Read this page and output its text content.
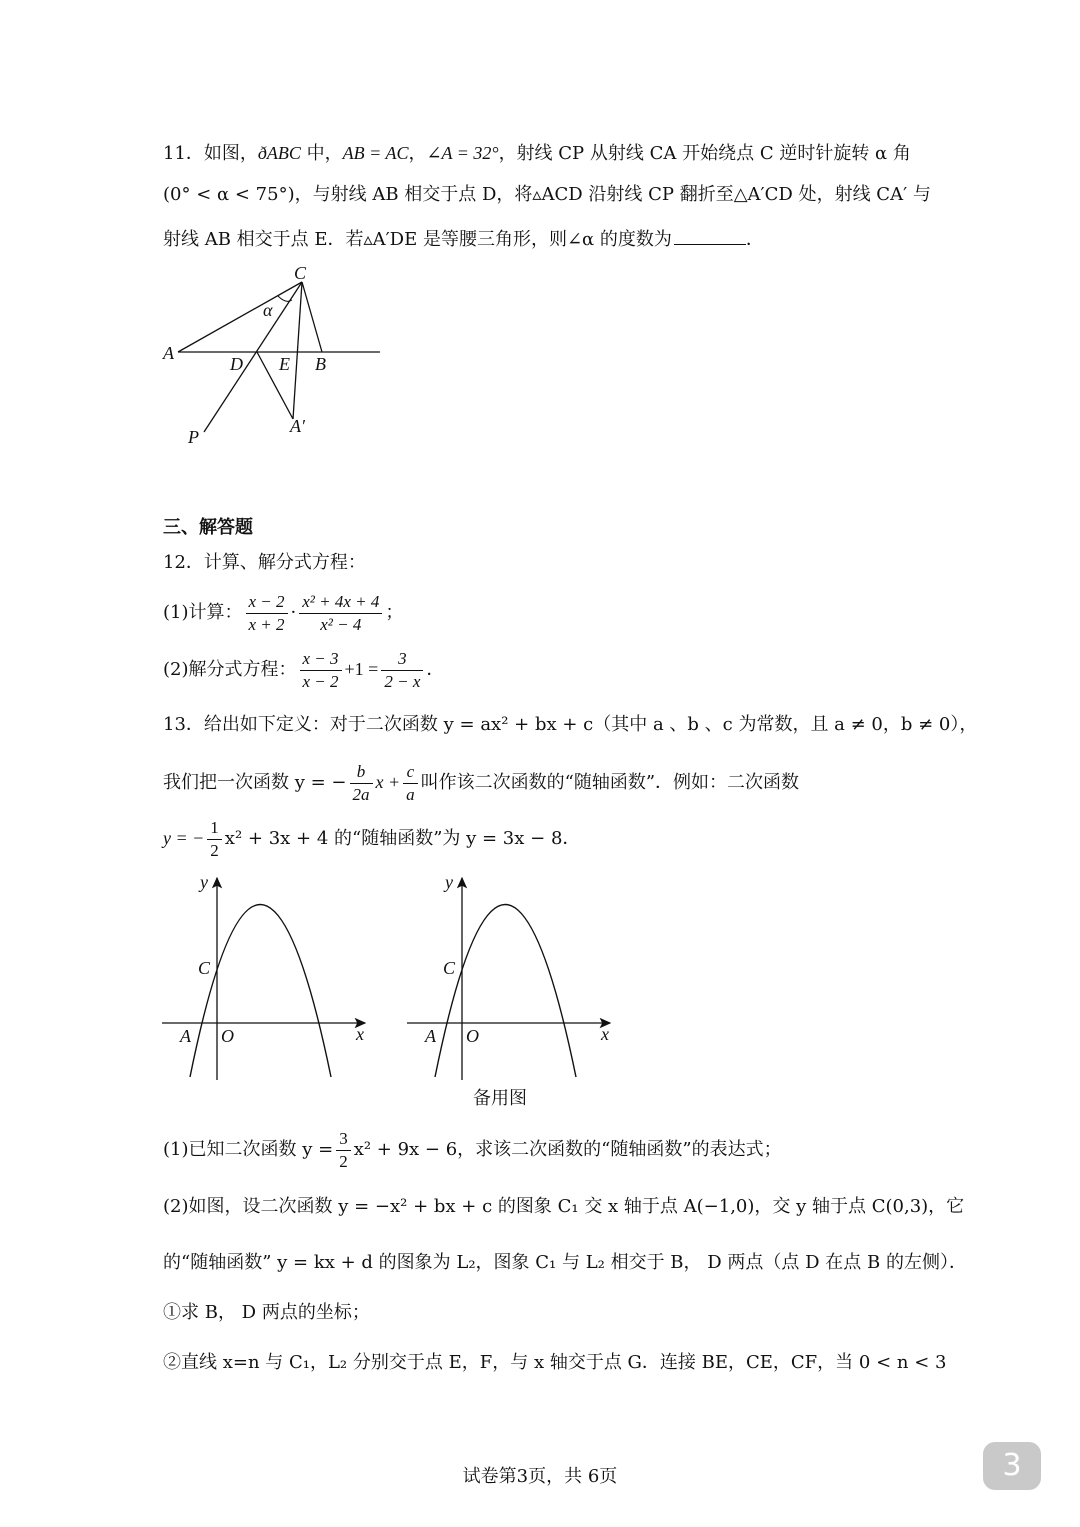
11．如图，ðABC 中，AB = AC，∠A = 32°，射线 CP 从射线 CA 开始绕点 C 逆时针旋转 α 角
(0° < α < 75°)，与射线 AB 相交于点 D，将▵ACD 沿射线 CP 翻折至△A′CD 处，射线 CA′ 与
射线 AB 相交于点 E．若▵A′DE 是等腰三角形，则∠α 的度数为	．
C
α
A
D E B
A′
P
三、解答题
12．计算、解分式方程：
(1)计算： $\frac{x - 2}{x + 2} \cdot \frac{\text{x² + 4x + 4}}{\text{x² − 4}}$ ；
(2)解分式方程： $\frac{x - 3}{x - 2} +1 = \frac{3}{2 - x}$ ．
13．给出如下定义：对于二次函数 y = ax² + bx + c（其中 a 、b 、c 为常数，且 a ≠ 0，b ≠ 0），
我们把一次函数 y = − $\frac{b}{2a}$ $x + \frac{c}{a}$ 叫作该二次函数的“随轴函数”．例如：二次函数
y = − $\frac{1}{2} x^2 + 3x + 4$ 的“随轴函数”为 y = 3x − 8．
y
C
A O	x
y
C
A O	x
备用图
(1)已知二次函数 $y = \frac{3}{2} x^2 + 9x - 6$，求该二次函数的“随轴函数”的表达式；
(2)如图，设二次函数 y = −x² + bx + c 的图象 C₁ 交 x 轴于点 A(−1,0)，交 y 轴于点 C(0,3)，它
的“随轴函数” y = kx + d 的图象为 L₂，图象 C₁ 与 L₂ 相交于 B， D 两点（点 D 在点 B 的左侧）．
①求 B， D 两点的坐标；
②直线 x=n 与 C₁，L₂ 分别交于点 E，F，与 x 轴交于点 G．连接 BE，CE，CF，当 0 < n < 3
试卷第3页，共 6页	3
